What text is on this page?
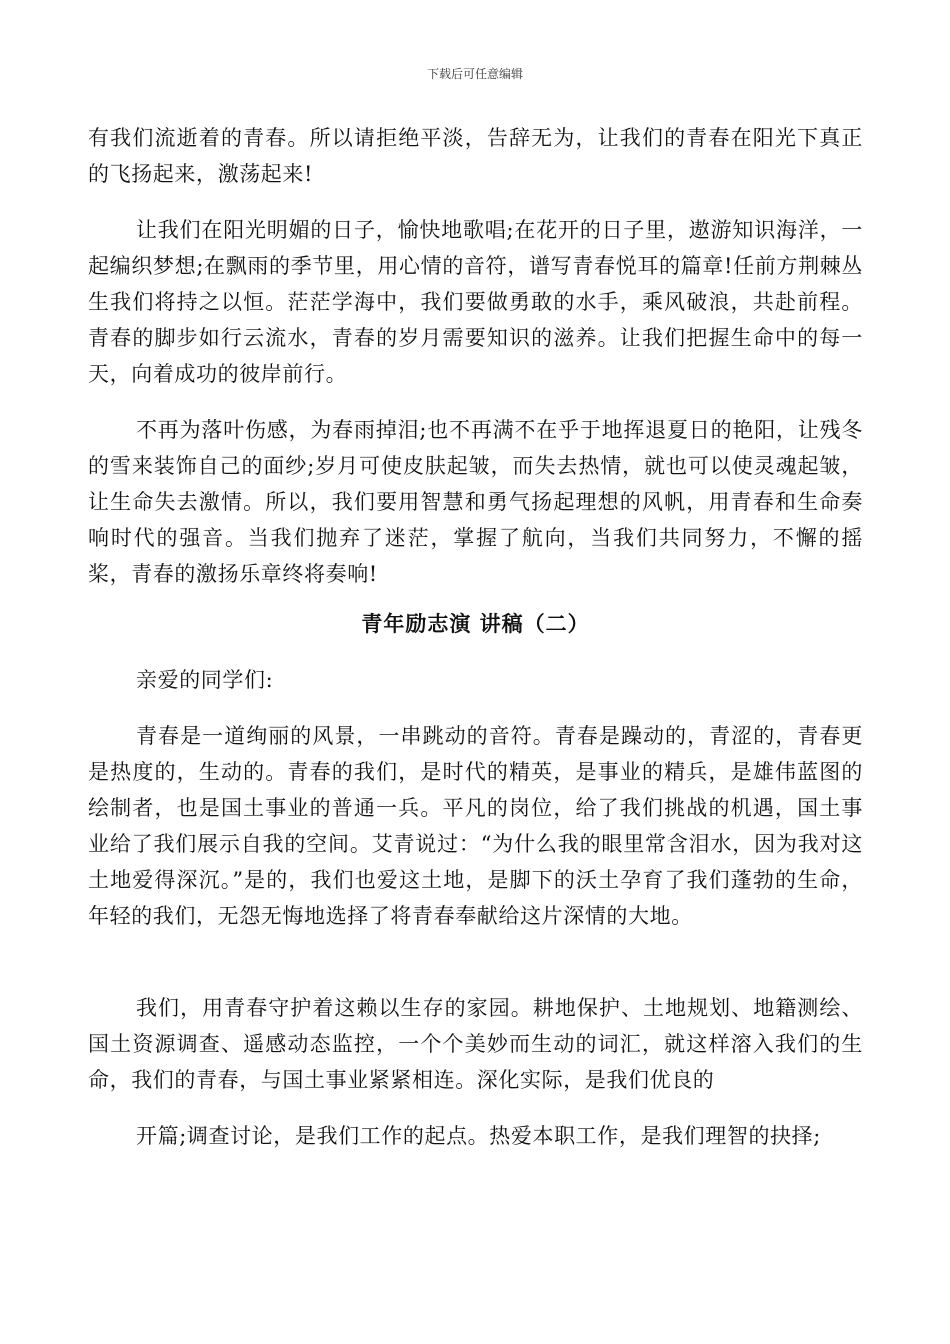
下载后可任意编辑

有我们流逝着的青春。所以请拒绝平淡，告辞无为，让我们的青春在阳光下真正的飞扬起来，激荡起来!

让我们在阳光明媚的日子，愉快地歌唱;在花开的日子里，遨游知识海洋，一起编织梦想;在飘雨的季节里，用心情的音符，谱写青春悦耳的篇章!任前方荆棘丛生我们将持之以恒。茫茫学海中，我们要做勇敢的水手，乘风破浪，共赴前程。青春的脚步如行云流水，青春的岁月需要知识的滋养。让我们把握生命中的每一天，向着成功的彼岸前行。

不再为落叶伤感，为春雨掉泪;也不再满不在乎于地挥退夏日的艳阳，让残冬的雪来装饰自己的面纱;岁月可使皮肤起皱，而失去热情，就也可以使灵魂起皱，让生命失去激情。所以，我们要用智慧和勇气扬起理想的风帆，用青春和生命奏响时代的强音。当我们抛弃了迷茫，掌握了航向，当我们共同努力，不懈的摇桨，青春的激扬乐章终将奏响!

青年励志演 讲稿（二）

亲爱的同学们:

青春是一道绚丽的风景，一串跳动的音符。青春是躁动的，青涩的，青春更是热度的，生动的。青春的我们，是时代的精英，是事业的精兵，是雄伟蓝图的绘制者，也是国土事业的普通一兵。平凡的岗位，给了我们挑战的机遇，国土事业给了我们展示自我的空间。艾青说过：“为什么我的眼里常含泪水，因为我对这土地爱得深沉。”是的，我们也爱这土地，是脚下的沃土孕育了我们蓬勃的生命，年轻的我们，无怨无悔地选择了将青春奉献给这片深情的大地。

我们，用青春守护着这赖以生存的家园。耕地保护、土地规划、地籍测绘、国土资源调查、遥感动态监控，一个个美妙而生动的词汇，就这样溶入我们的生命，我们的青春，与国土事业紧紧相连。深化实际，是我们优良的

开篇;调查讨论，是我们工作的起点。热爱本职工作，是我们理智的抉择;
